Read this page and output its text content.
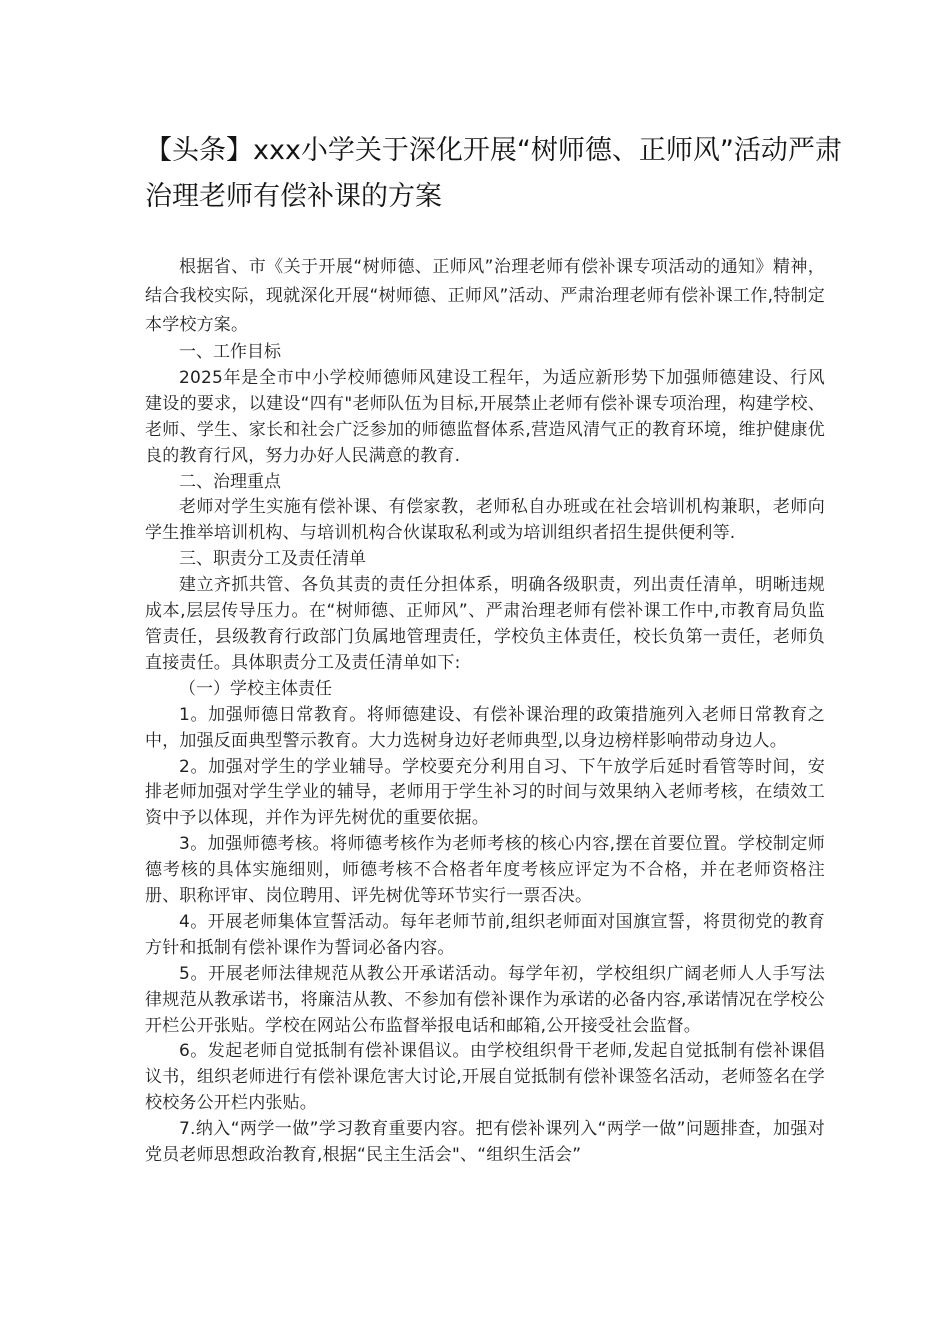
【头条】xxx小学关于深化开展“树师德、正师风”活动严肃治理老师有偿补课的方案

根据省、市《关于开展“树师德、正师风”治理老师有偿补课专项活动的通知》精神，结合我校实际，现就深化开展“树师德、正师风”活动、严肃治理老师有偿补课工作,特制定本学校方案。

一、工作目标

2025年是全市中小学校师德师风建设工程年，为适应新形势下加强师德建设、行风建设的要求，以建设“四有"老师队伍为目标,开展禁止老师有偿补课专项治理，构建学校、老师、学生、家长和社会广泛参加的师德监督体系,营造风清气正的教育环境，维护健康优良的教育行风，努力办好人民满意的教育.

二、治理重点

老师对学生实施有偿补课、有偿家教，老师私自办班或在社会培训机构兼职，老师向学生推举培训机构、与培训机构合伙谋取私利或为培训组织者招生提供便利等.

三、职责分工及责任清单

建立齐抓共管、各负其责的责任分担体系，明确各级职责，列出责任清单，明晰违规成本,层层传导压力。在“树师德、正师风”、严肃治理老师有偿补课工作中,市教育局负监管责任，县级教育行政部门负属地管理责任，学校负主体责任，校长负第一责任，老师负直接责任。具体职责分工及责任清单如下:

（一）学校主体责任

1。加强师德日常教育。将师德建设、有偿补课治理的政策措施列入老师日常教育之中，加强反面典型警示教育。大力选树身边好老师典型,以身边榜样影响带动身边人。

2。加强对学生的学业辅导。学校要充分利用自习、下午放学后延时看管等时间，安排老师加强对学生学业的辅导，老师用于学生补习的时间与效果纳入老师考核，在绩效工资中予以体现，并作为评先树优的重要依据。

3。加强师德考核。将师德考核作为老师考核的核心内容,摆在首要位置。学校制定师德考核的具体实施细则，师德考核不合格者年度考核应评定为不合格，并在老师资格注册、职称评审、岗位聘用、评先树优等环节实行一票否决。

4。开展老师集体宣誓活动。每年老师节前,组织老师面对国旗宣誓，将贯彻党的教育方针和抵制有偿补课作为誓词必备内容。

5。开展老师法律规范从教公开承诺活动。每学年初，学校组织广阔老师人人手写法律规范从教承诺书，将廉洁从教、不参加有偿补课作为承诺的必备内容,承诺情况在学校公开栏公开张贴。学校在网站公布监督举报电话和邮箱,公开接受社会监督。

6。发起老师自觉抵制有偿补课倡议。由学校组织骨干老师,发起自觉抵制有偿补课倡议书，组织老师进行有偿补课危害大讨论,开展自觉抵制有偿补课签名活动，老师签名在学校校务公开栏内张贴。

7.纳入“两学一做”学习教育重要内容。把有偿补课列入“两学一做”问题排查，加强对党员老师思想政治教育,根据“民主生活会"、“组织生活会”
